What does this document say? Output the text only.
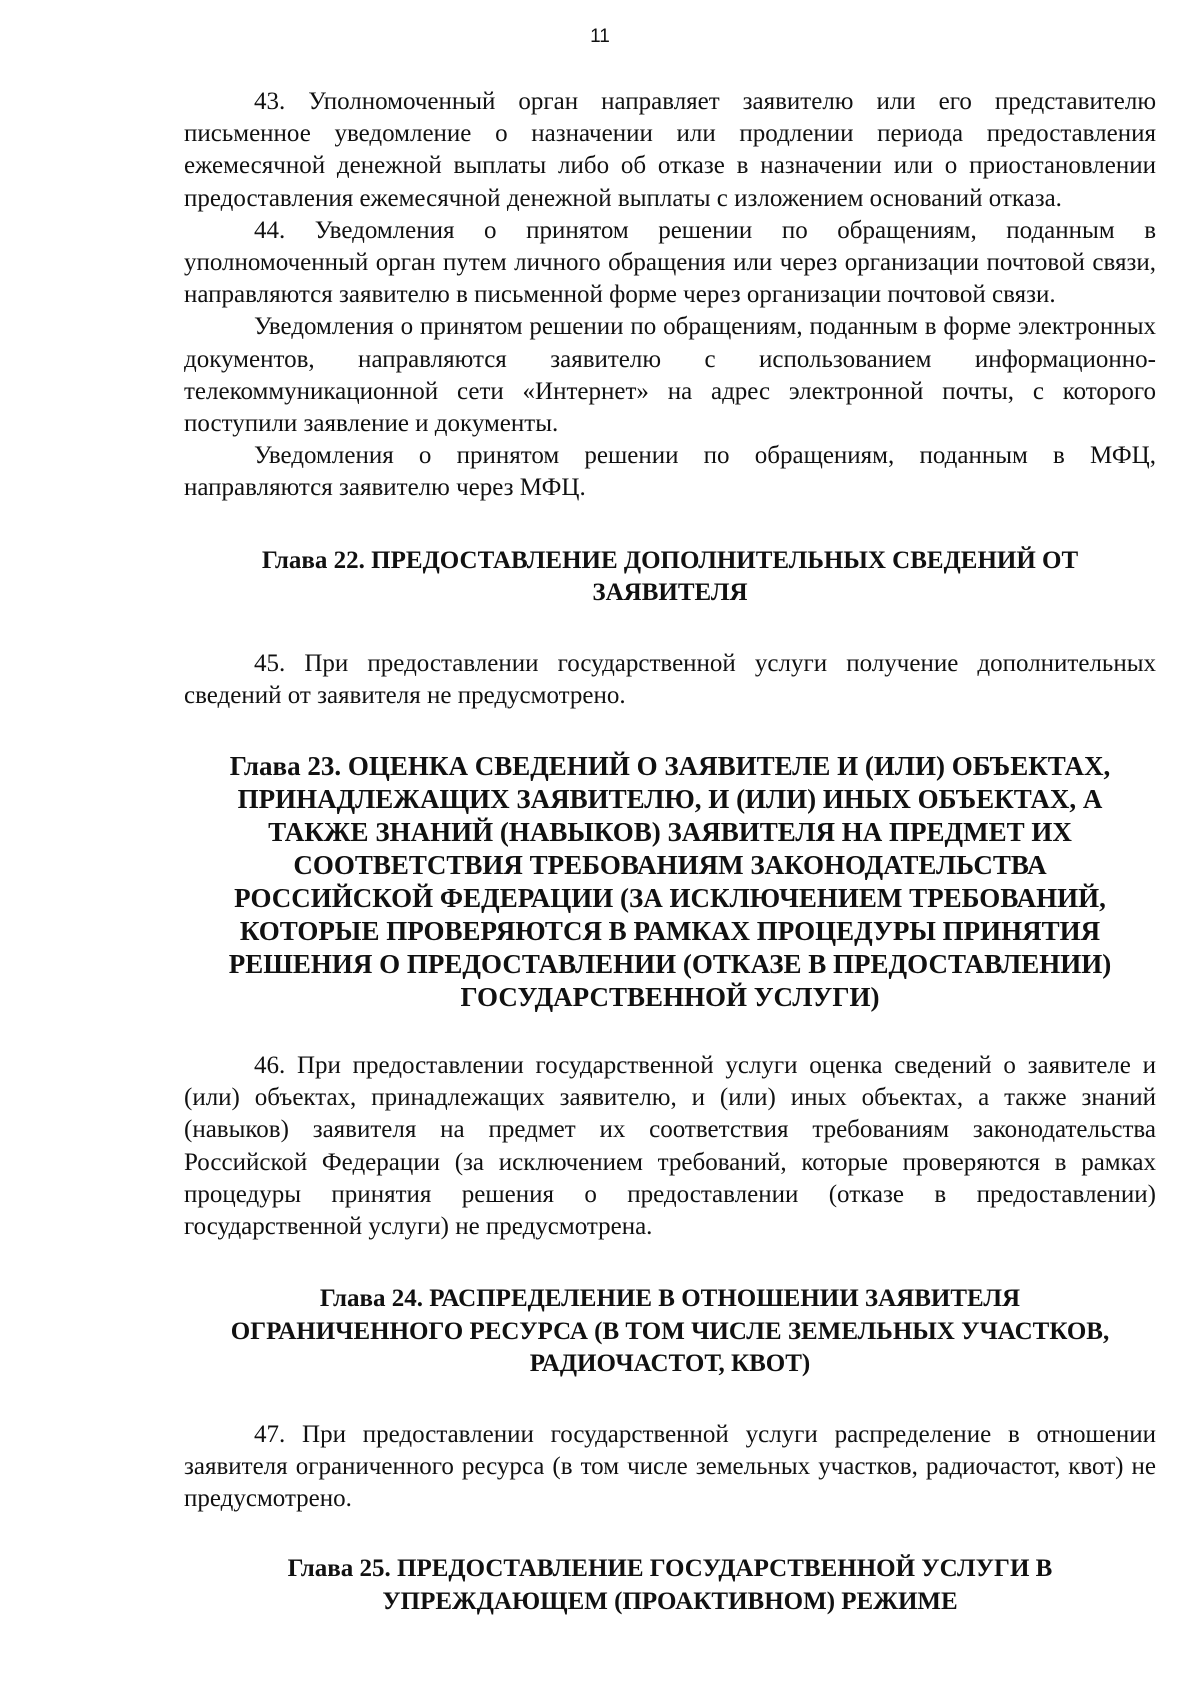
11

43. Уполномоченный орган направляет заявителю или его представителю письменное уведомление о назначении или продлении периода предоставления ежемесячной денежной выплаты либо об отказе в назначении или о приостановлении предоставления ежемесячной денежной выплаты с изложением оснований отказа.

44. Уведомления о принятом решении по обращениям, поданным в уполномоченный орган путем личного обращения или через организации почтовой связи, направляются заявителю в письменной форме через организации почтовой связи.

Уведомления о принятом решении по обращениям, поданным в форме электронных документов, направляются заявителю с использованием информационно-телекоммуникационной сети «Интернет» на адрес электронной почты, с которого поступили заявление и документы.

Уведомления о принятом решении по обращениям, поданным в МФЦ, направляются заявителю через МФЦ.

Глава 22. ПРЕДОСТАВЛЕНИЕ ДОПОЛНИТЕЛЬНЫХ СВЕДЕНИЙ ОТ ЗАЯВИТЕЛЯ

45. При предоставлении государственной услуги получение дополнительных сведений от заявителя не предусмотрено.

Глава 23. ОЦЕНКА СВЕДЕНИЙ О ЗАЯВИТЕЛЕ И (ИЛИ) ОБЪЕКТАХ, ПРИНАДЛЕЖАЩИХ ЗАЯВИТЕЛЮ, И (ИЛИ) ИНЫХ ОБЪЕКТАХ, А ТАКЖЕ ЗНАНИЙ (НАВЫКОВ) ЗАЯВИТЕЛЯ НА ПРЕДМЕТ ИХ СООТВЕТСТВИЯ ТРЕБОВАНИЯМ ЗАКОНОДАТЕЛЬСТВА РОССИЙСКОЙ ФЕДЕРАЦИИ (ЗА ИСКЛЮЧЕНИЕМ ТРЕБОВАНИЙ, КОТОРЫЕ ПРОВЕРЯЮТСЯ В РАМКАХ ПРОЦЕДУРЫ ПРИНЯТИЯ РЕШЕНИЯ О ПРЕДОСТАВЛЕНИИ (ОТКАЗЕ В ПРЕДОСТАВЛЕНИИ) ГОСУДАРСТВЕННОЙ УСЛУГИ)

46. При предоставлении государственной услуги оценка сведений о заявителе и (или) объектах, принадлежащих заявителю, и (или) иных объектах, а также знаний (навыков) заявителя на предмет их соответствия требованиям законодательства Российской Федерации (за исключением требований, которые проверяются в рамках процедуры принятия решения о предоставлении (отказе в предоставлении) государственной услуги) не предусмотрена.

Глава 24. РАСПРЕДЕЛЕНИЕ В ОТНОШЕНИИ ЗАЯВИТЕЛЯ ОГРАНИЧЕННОГО РЕСУРСА (В ТОМ ЧИСЛЕ ЗЕМЕЛЬНЫХ УЧАСТКОВ, РАДИОЧАСТОТ, КВОТ)

47. При предоставлении государственной услуги распределение в отношении заявителя ограниченного ресурса (в том числе земельных участков, радиочастот, квот) не предусмотрено.

Глава 25. ПРЕДОСТАВЛЕНИЕ ГОСУДАРСТВЕННОЙ УСЛУГИ В УПРЕЖДАЮЩЕМ (ПРОАКТИВНОМ) РЕЖИМЕ
